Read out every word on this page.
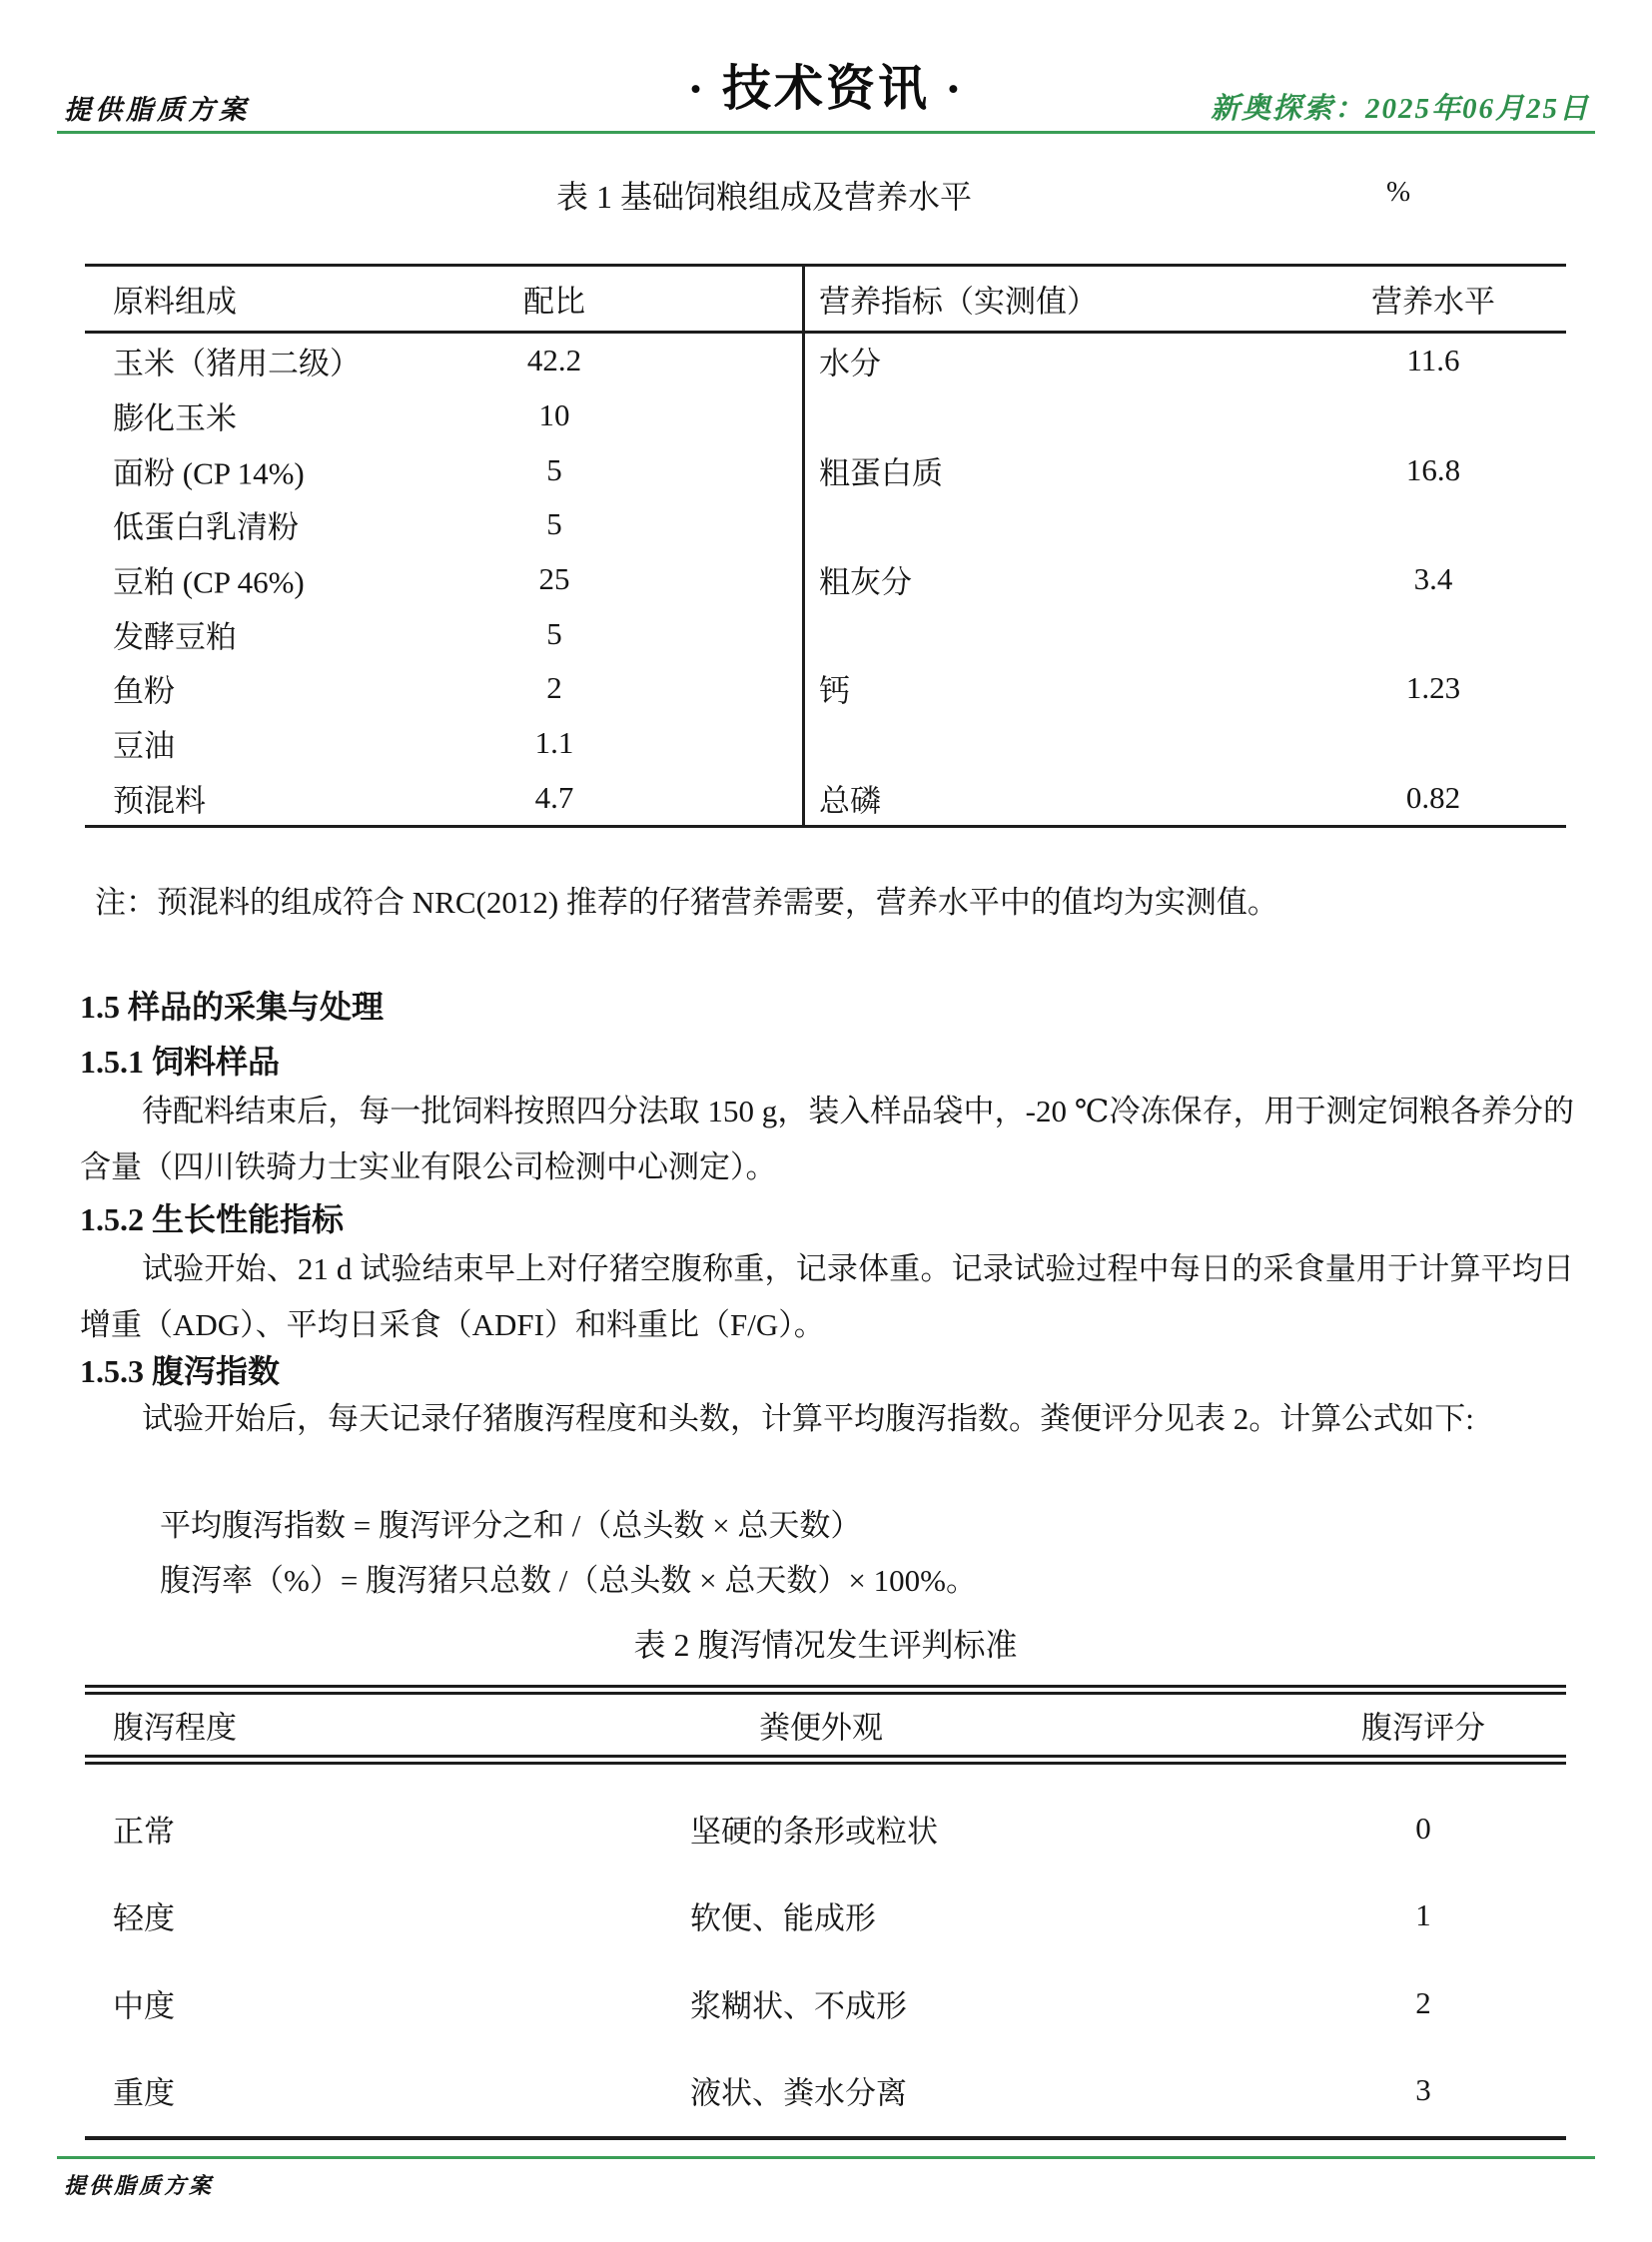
提供脂质方案	· 技术资讯 ·	新奥探索：2025年06月25日
表 1 基础饲粮组成及营养水平	%
原料组成	配比	营养指标（实测值）	营养水平
玉米（猪用二级）	42.2	水分	11.6
膨化玉米	10
面粉 (CP 14%)	5	粗蛋白质	16.8
低蛋白乳清粉	5
豆粕 (CP 46%)	25	粗灰分	3.4
发酵豆粕	5
鱼粉	2	钙	1.23
豆油	1.1
预混料	4.7	总磷	0.82
注：预混料的组成符合 NRC(2012) 推荐的仔猪营养需要，营养水平中的值均为实测值。
1.5 样品的采集与处理
1.5.1 饲料样品
待配料结束后，每一批饲料按照四分法取 150 g，装入样品袋中，-20 ℃冷冻保存，用于测定饲粮各养分的含量（四川铁骑力士实业有限公司检测中心测定）。
1.5.2 生长性能指标
试验开始、21 d 试验结束早上对仔猪空腹称重，记录体重。记录试验过程中每日的采食量用于计算平均日增重（ADG）、平均日采食（ADFI）和料重比（F/G）。
1.5.3 腹泻指数
试验开始后，每天记录仔猪腹泻程度和头数，计算平均腹泻指数。粪便评分见表 2。计算公式如下:
平均腹泻指数 = 腹泻评分之和 /（总头数 × 总天数）
腹泻率（%）= 腹泻猪只总数 /（总头数 × 总天数）× 100%。
表 2 腹泻情况发生评判标准
腹泻程度	粪便外观	腹泻评分
正常	坚硬的条形或粒状	0
轻度	软便、能成形	1
中度	浆糊状、不成形	2
重度	液状、粪水分离	3
提供脂质方案
